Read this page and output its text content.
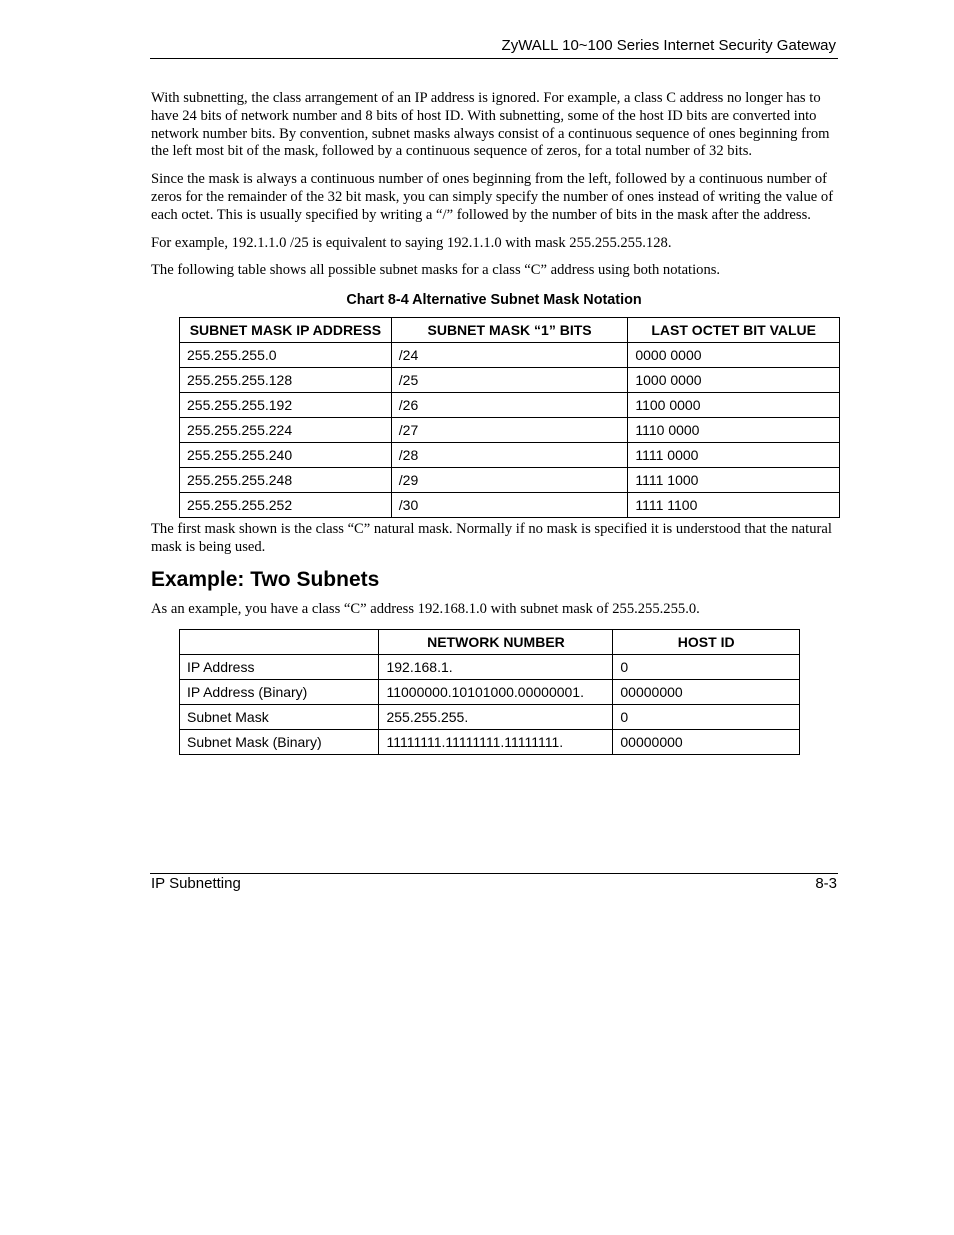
ZyWALL 10~100 Series Internet Security Gateway

With subnetting, the class arrangement of an IP address is ignored. For example, a class C address no longer has to have 24 bits of network number and 8 bits of host ID. With subnetting, some of the host ID bits are converted into network number bits. By convention, subnet masks always consist of a continuous sequence of ones beginning from the left most bit of the mask, followed by a continuous sequence of zeros, for a total number of 32 bits.

Since the mask is always a continuous number of ones beginning from the left, followed by a continuous number of zeros for the remainder of the 32 bit mask, you can simply specify the number of ones instead of writing the value of each octet. This is usually specified by writing a “/” followed by the number of bits in the mask after the address.

For example, 192.1.1.0 /25 is equivalent to saying 192.1.1.0 with mask 255.255.255.128.

The following table shows all possible subnet masks for a class “C” address using both notations.

Chart 8-4 Alternative Subnet Mask Notation
SUBNET MASK IP ADDRESS	SUBNET MASK “1” BITS	LAST OCTET BIT VALUE
255.255.255.0	/24	0000 0000
255.255.255.128	/25	1000 0000
255.255.255.192	/26	1100 0000
255.255.255.224	/27	1110 0000
255.255.255.240	/28	1111 0000
255.255.255.248	/29	1111 1000
255.255.255.252	/30	1111 1100

The first mask shown is the class “C” natural mask. Normally if no mask is specified it is understood that the natural mask is being used.

Example: Two Subnets

As an example, you have a class “C” address 192.168.1.0 with subnet mask of 255.255.255.0.

	NETWORK NUMBER	HOST ID
IP Address	192.168.1.	0
IP Address (Binary)	11000000.10101000.00000001.	00000000
Subnet Mask	255.255.255.	0
Subnet Mask (Binary)	11111111.11111111.11111111.	00000000
IP Subnetting	8-3
